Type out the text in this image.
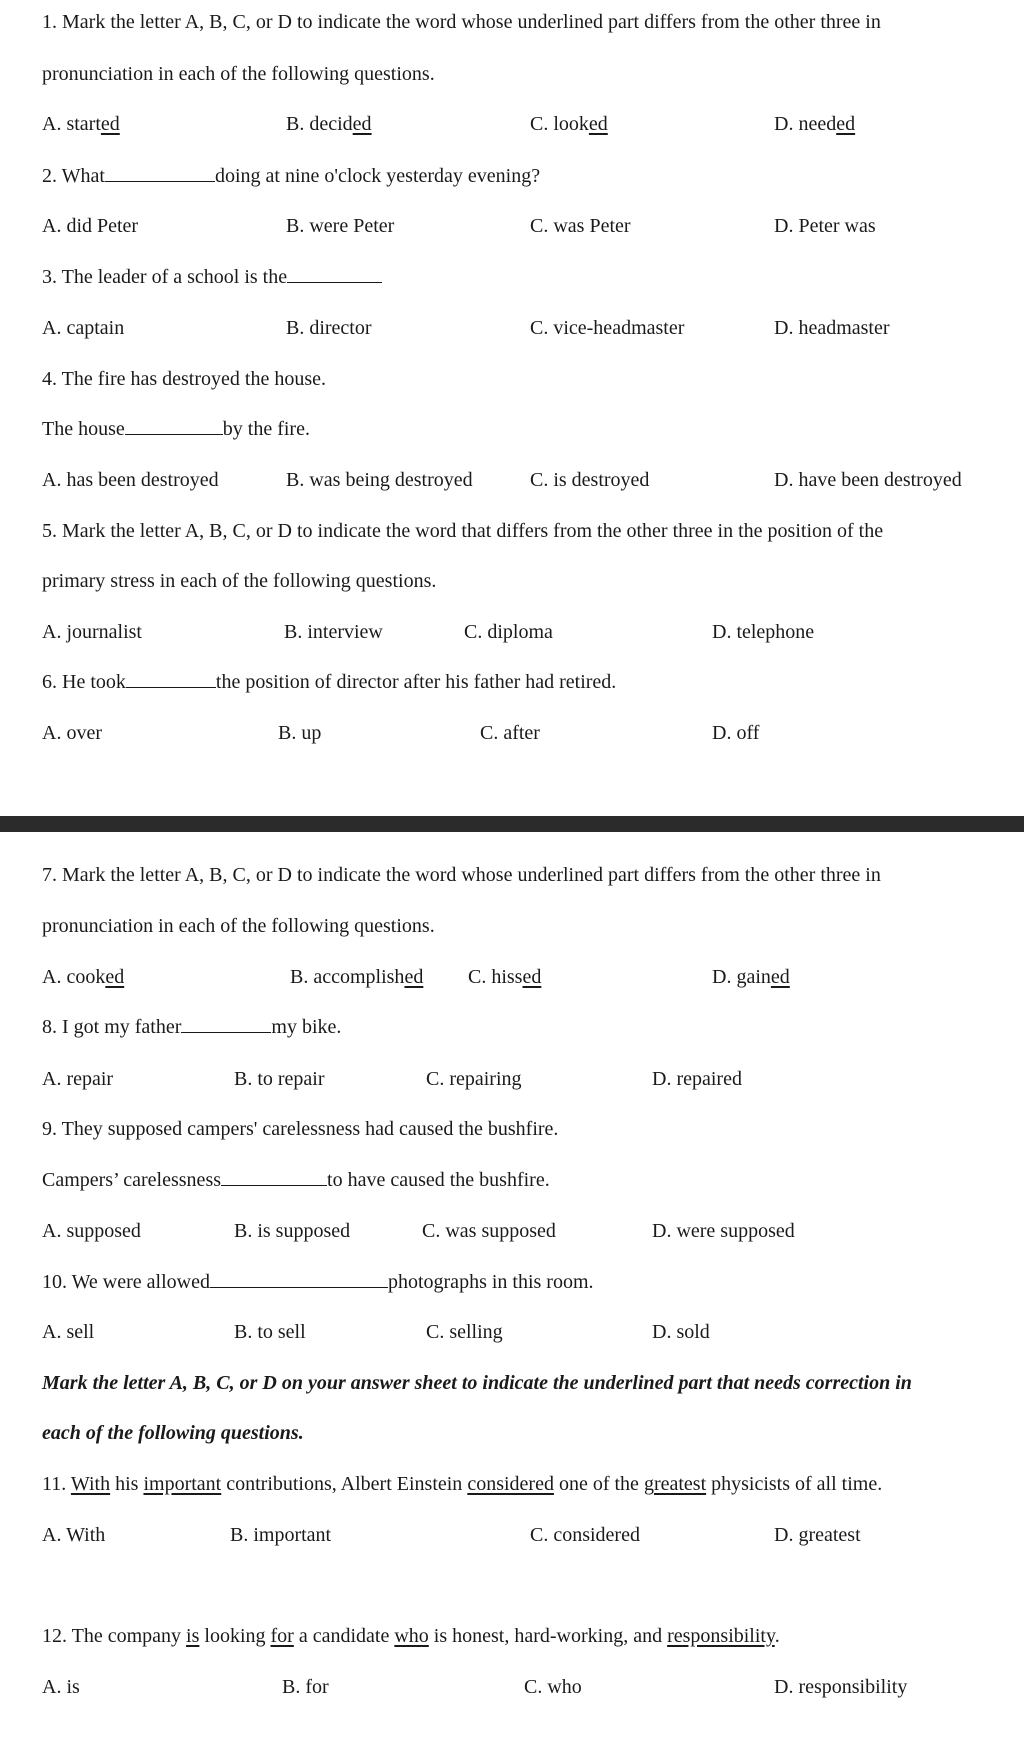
1. Mark the letter A, B, C, or D to indicate the word whose underlined part differs from the other three in
pronunciation in each of the following questions.
A. started	B. decided	C. looked	D. needed
2. What	doing at nine o'clock yesterday evening?
A. did Peter	B. were Peter	C. was Peter	D. Peter was
3. The leader of a school is the
A. captain	B. director	C. vice-headmaster	D. headmaster
4. The fire has destroyed the house.
The house	by the fire.
A. has been destroyed	B. was being destroyed	C. is destroyed	D. have been destroyed
5. Mark the letter A, B, C, or D to indicate the word that differs from the other three in the position of the
primary stress in each of the following questions.
A. journalist	B. interview	C. diploma	D. telephone
6. He took	the position of director after his father had retired.
A. over	B. up	C. after	D. off
7. Mark the letter A, B, C, or D to indicate the word whose underlined part differs from the other three in
pronunciation in each of the following questions.
A. cooked	B. accomplished C. hissed	D. gained
8. I got my father	my bike.
A. repair	B. to repair	C. repairing	D. repaired
9. They supposed campers' carelessness had caused the bushfire.
Campers’ carelessness	to have caused the bushfire.
A. supposed	B. is supposed	C. was supposed	D. were supposed
10. We were allowed	photographs in this room.
A. sell	B. to sell	C. selling	D. sold
Mark the letter A, B, C, or D on your answer sheet to indicate the underlined part that needs correction in
each of the following questions.
11. With his important contributions, Albert Einstein considered one of the greatest physicists of all time.
A. With	B. important	C. considered	D. greatest
12. The company is looking for a candidate who is honest, hard-working, and responsibility.
A. is	B. for	C. who	D. responsibility
